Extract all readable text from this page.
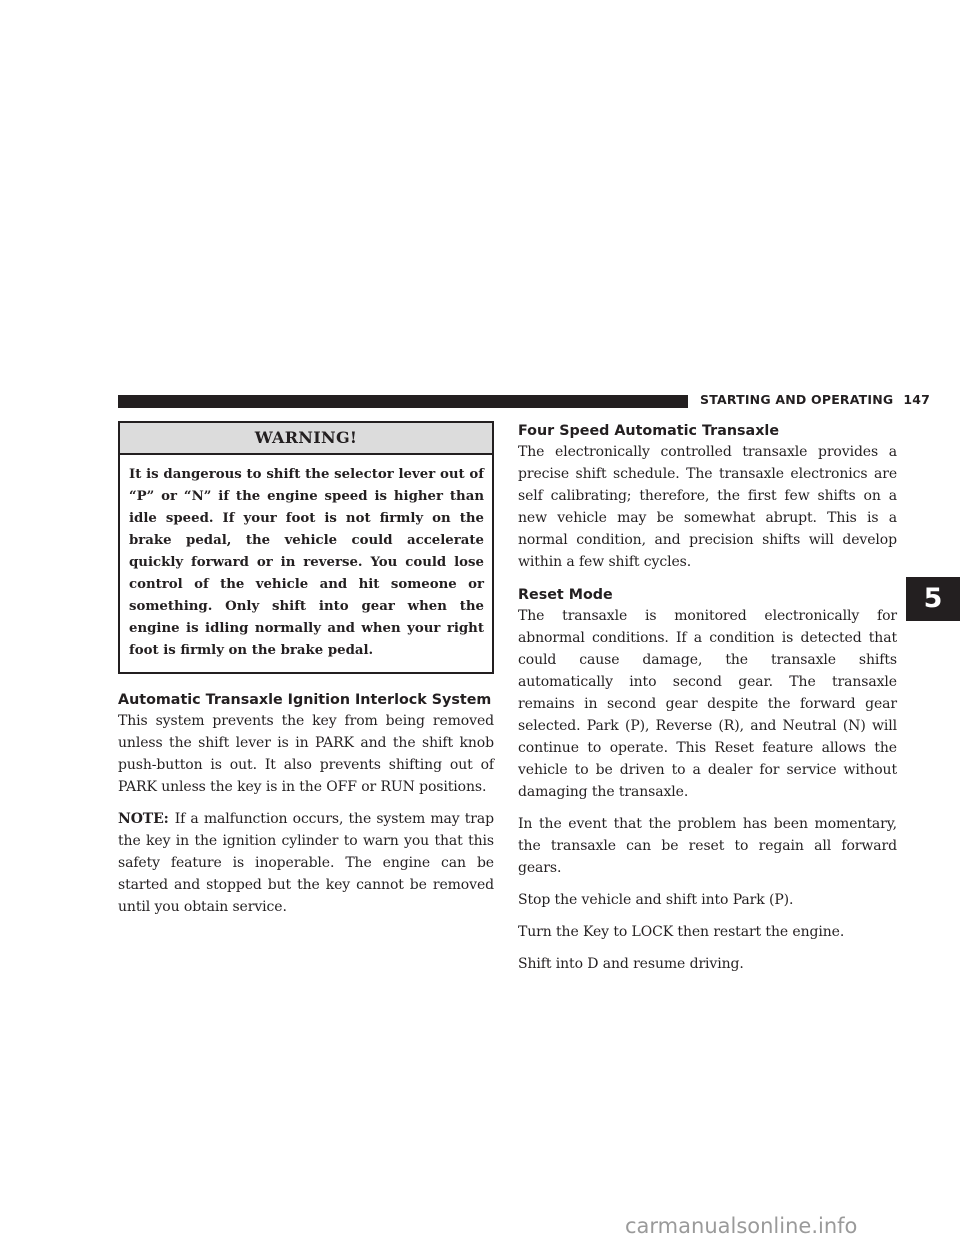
STARTING AND OPERATING 147
WARNING!
It is dangerous to shift the selector lever out of “P” or “N” if the engine speed is higher than idle speed. If your foot is not firmly on the brake pedal, the vehicle could accelerate quickly forward or in reverse. You could lose control of the vehicle and hit someone or something. Only shift into gear when the engine is idling normally and when your right foot is firmly on the brake pedal.
Automatic Transaxle Ignition Interlock System

This system prevents the key from being removed unless the shift lever is in PARK and the shift knob push-button is out. It also prevents shifting out of PARK unless the key is in the OFF or RUN positions.

NOTE: If a malfunction occurs, the system may trap the key in the ignition cylinder to warn you that this safety feature is inoperable. The engine can be started and stopped but the key cannot be removed until you obtain service.

Four Speed Automatic Transaxle

The electronically controlled transaxle provides a precise shift schedule. The transaxle electronics are self calibrating; therefore, the first few shifts on a new vehicle may be somewhat abrupt. This is a normal condition, and precision shifts will develop within a few shift cycles.

Reset Mode

The transaxle is monitored electronically for abnormal conditions. If a condition is detected that could cause damage, the transaxle shifts automatically into second gear. The transaxle remains in second gear despite the forward gear selected. Park (P), Reverse (R), and Neutral (N) will continue to operate. This Reset feature allows the vehicle to be driven to a dealer for service without damaging the transaxle.

In the event that the problem has been momentary, the transaxle can be reset to regain all forward gears.

Stop the vehicle and shift into Park (P).

Turn the Key to LOCK then restart the engine.

Shift into D and resume driving.

5
carmanualsonline.info
